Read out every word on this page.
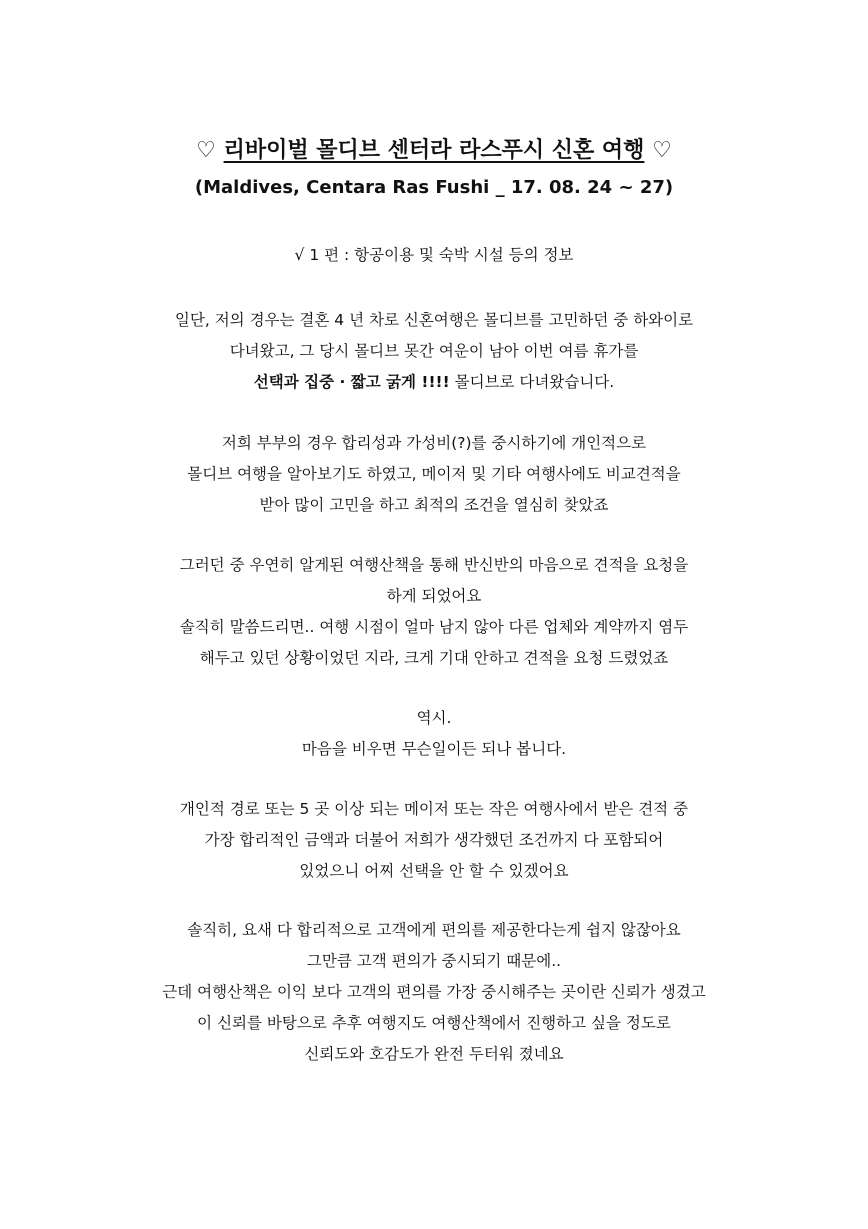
♡ 리바이벌 몰디브 센터라 라스푸시 신혼 여행 ♡
(Maldives, Centara Ras Fushi _ 17. 08. 24 ~ 27)
√ 1 편 : 항공이용 및 숙박 시설 등의 정보
일단, 저의 경우는 결혼 4 년 차로 신혼여행은 몰디브를 고민하던 중 하와이로
다녀왔고, 그 당시 몰디브 못간 여운이 남아 이번 여름 휴가를
선택과 집중 · 짧고 굵게 !!!! 몰디브로 다녀왔습니다.
저희 부부의 경우 합리성과 가성비(?)를 중시하기에 개인적으로
몰디브 여행을 알아보기도 하였고, 메이저 및 기타 여행사에도 비교견적을
받아 많이 고민을 하고 최적의 조건을 열심히 찾았죠
그러던 중 우연히 알게된 여행산책을 통해 반신반의 마음으로 견적을 요청을
하게 되었어요
솔직히 말씀드리면.. 여행 시점이 얼마 남지 않아 다른 업체와 계약까지 염두
해두고 있던 상황이었던 지라, 크게 기대 안하고 견적을 요청 드렸었죠
역시.
마음을 비우면 무슨일이든 되나 봅니다.
개인적 경로 또는 5 곳 이상 되는 메이저 또는 작은 여행사에서 받은 견적 중
가장 합리적인 금액과 더불어 저희가 생각했던 조건까지 다 포함되어
있었으니 어찌 선택을 안 할 수 있겠어요
솔직히, 요새 다 합리적으로 고객에게 편의를 제공한다는게 쉽지 않잖아요
그만큼 고객 편의가 중시되기 때문에..
근데 여행산책은 이익 보다 고객의 편의를 가장 중시해주는 곳이란 신뢰가 생겼고
이 신뢰를 바탕으로 추후 여행지도 여행산책에서 진행하고 싶을 정도로
신뢰도와 호감도가 완전 두터워 졌네요
